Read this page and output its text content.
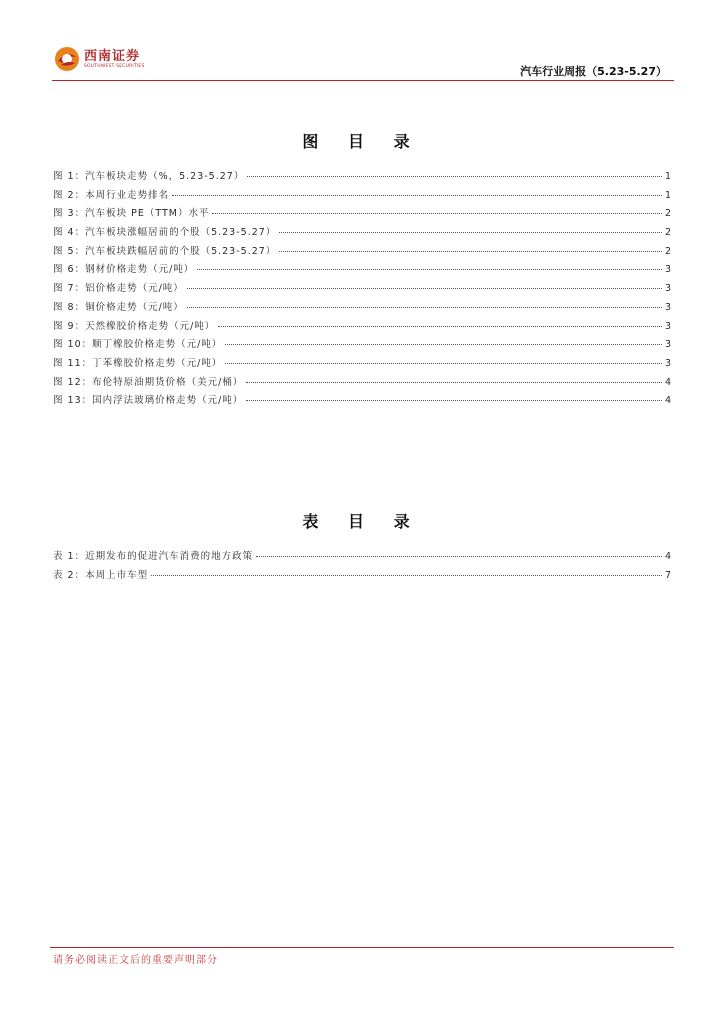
西南证券
SOUTHWEST SECURITIES	汽车行业周报（5.23-5.27）
图 目 录
图 1：汽车板块走势（%，5.23-5.27）	1
图 2：本周行业走势排名	1
图 3：汽车板块 PE（TTM）水平	2
图 4：汽车板块涨幅居前的个股（5.23-5.27）	2
图 5：汽车板块跌幅居前的个股（5.23-5.27）	2
图 6：钢材价格走势（元/吨）	3
图 7：铝价格走势（元/吨）	3
图 8：铜价格走势（元/吨）	3
图 9：天然橡胶价格走势（元/吨）	3
图 10：顺丁橡胶价格走势（元/吨）	3
图 11：丁苯橡胶价格走势（元/吨）	3
图 12：布伦特原油期货价格（美元/桶）	4
图 13：国内浮法玻璃价格走势（元/吨）	4
表 目 录
表 1：近期发布的促进汽车消费的地方政策	4
表 2：本周上市车型	7
请务必阅读正文后的重要声明部分
